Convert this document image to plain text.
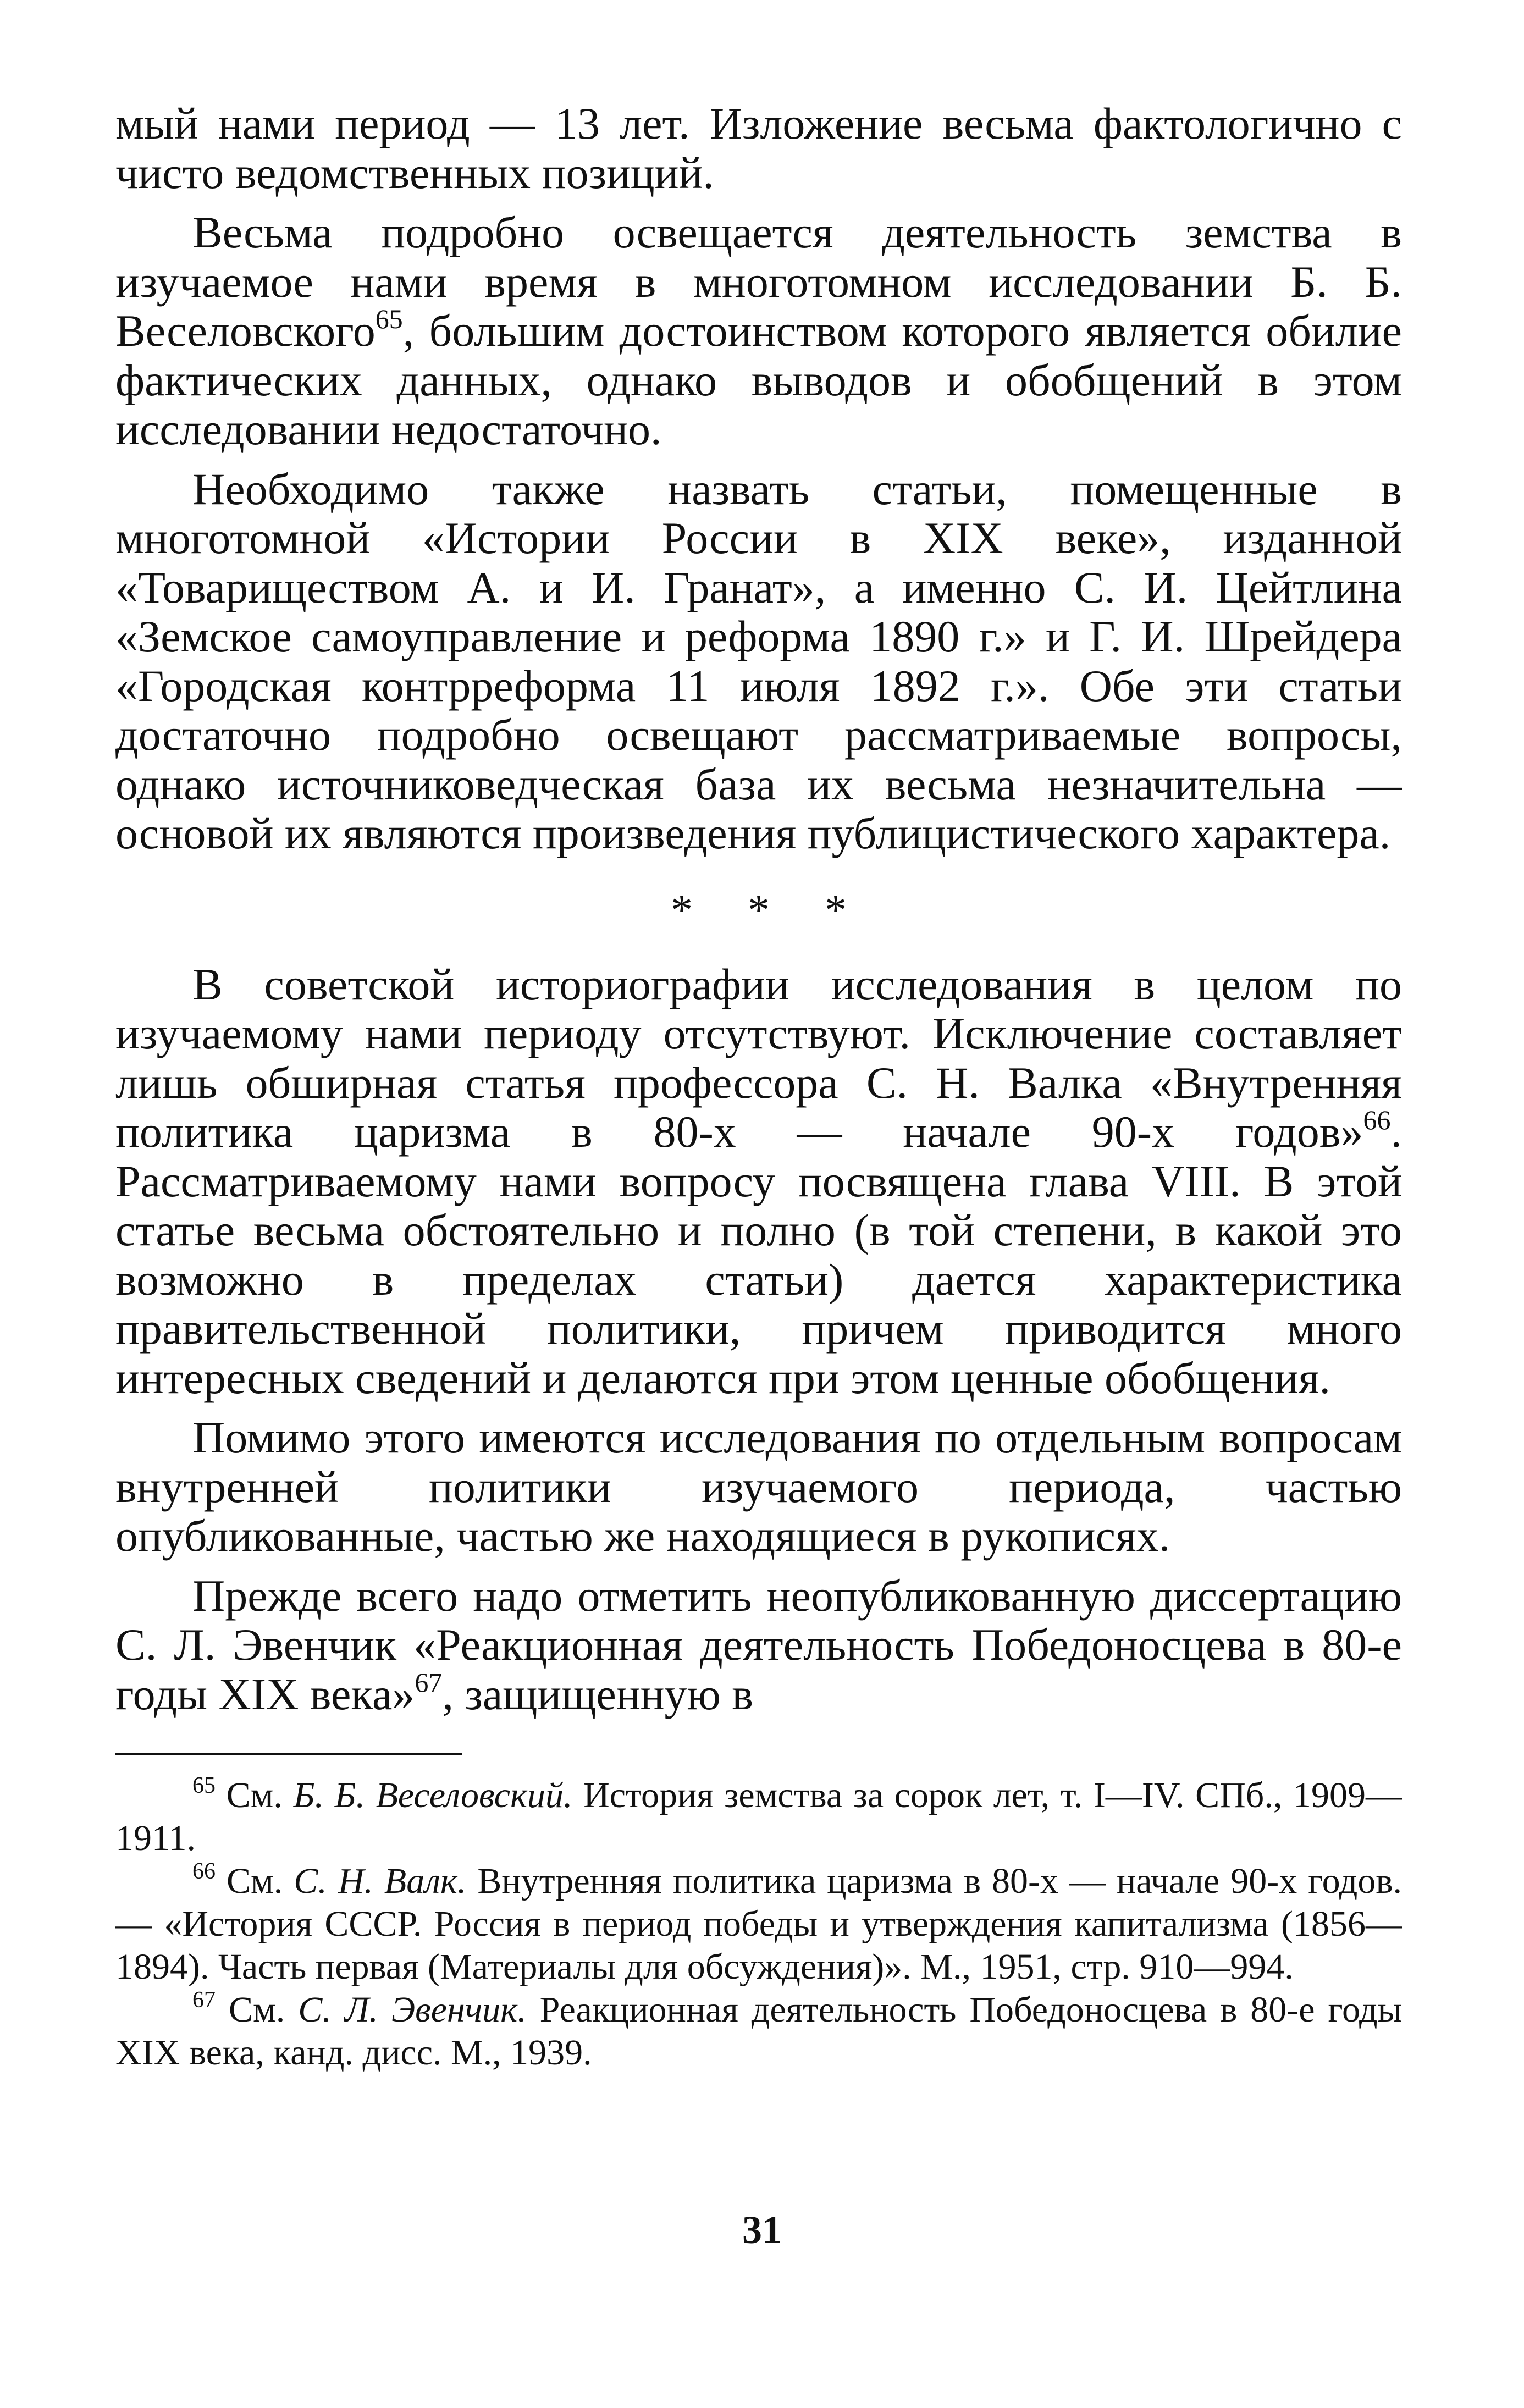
мый нами период — 13 лет. Изложение весьма фактологично с чисто ведомственных позиций.

Весьма подробно освещается деятельность земства в изучаемое нами время в многотомном исследовании Б. Б. Веселовского$^{65}$, большим достоинством которого является обилие фактических данных, однако выводов и обобщений в этом исследовании недостаточно.

Необходимо также назвать статьи, помещенные в многотомной «Истории России в XIX веке», изданной «Товариществом А. и И. Гранат», а именно С. И. Цейтлина «Земское самоуправление и реформа 1890 г.» и Г. И. Шрейдера «Городская контрреформа 11 июля 1892 г.». Обе эти статьи достаточно подробно освещают рассматриваемые вопросы, однако источниковедческая база их весьма незначительна — основой их являются произведения публицистического характера.

* * *

В советской историографии исследования в целом по изучаемому нами периоду отсутствуют. Исключение составляет лишь обширная статья профессора С. Н. Валка «Внутренняя политика царизма в 80-х — начале 90-х годов»$^{66}$. Рассматриваемому нами вопросу посвящена глава VIII. В этой статье весьма обстоятельно и полно (в той степени, в какой это возможно в пределах статьи) дается характеристика правительственной политики, причем приводится много интересных сведений и делаются при этом ценные обобщения.

Помимо этого имеются исследования по отдельным вопросам внутренней политики изучаемого периода, частью опубликованные, частью же находящиеся в рукописях.

Прежде всего надо отметить неопубликованную диссертацию С. Л. Эвенчик «Реакционная деятельность Победоносцева в 80-е годы XIX века»$^{67}$, защищенную в

$^{65}$ См. Б. Б. Веселовский. История земства за сорок лет, т. I—IV. СПб., 1909—1911.

$^{66}$ См. С. Н. Валк. Внутренняя политика царизма в 80-х — начале 90-х годов. — «История СССР. Россия в период победы и утверждения капитализма (1856—1894). Часть первая (Материалы для обсуждения)». М., 1951, стр. 910—994.

$^{67}$ См. С. Л. Эвенчик. Реакционная деятельность Победоносцева в 80-е годы XIX века, канд. дисс. М., 1939.

31
